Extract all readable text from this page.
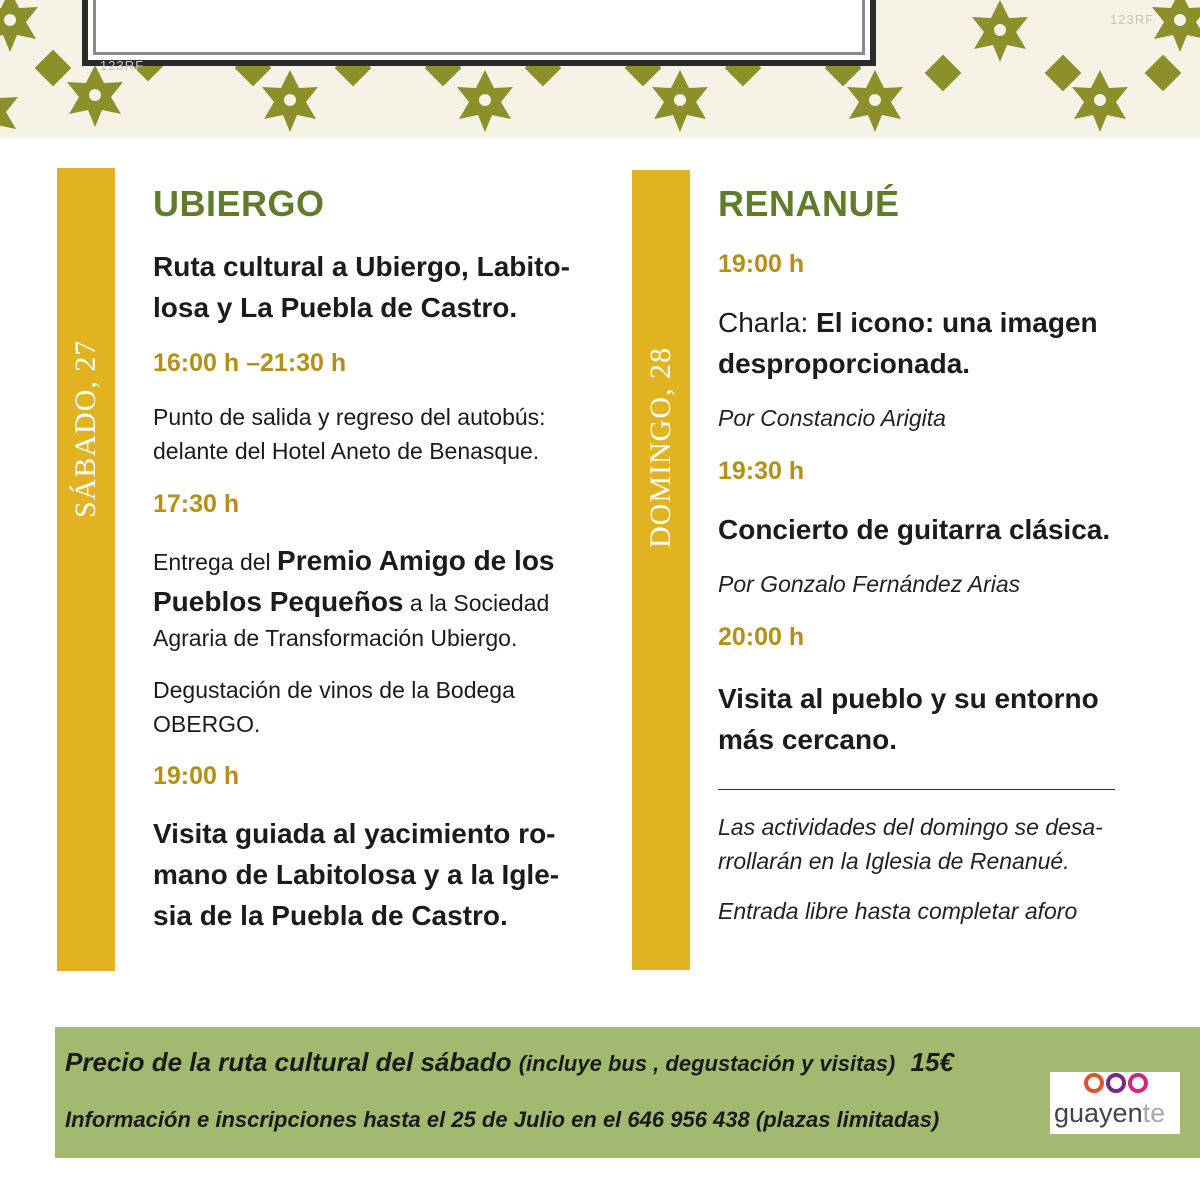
123RF
123RF
SÁBADO, 27
UBIERGO
Ruta cultural a Ubiergo, Labito-
losa y La Puebla de Castro.
16:00 h –21:30 h
Punto de salida y regreso del autobús:
delante del Hotel Aneto de Benasque.
17:30 h
Entrega del Premio Amigo de los
Pueblos Pequeños a la Sociedad
Agraria de Transformación Ubiergo.
Degustación de vinos de la Bodega
OBERGO.
19:00 h
Visita guiada al yacimiento ro-
mano de Labitolosa y a la Igle-
sia de la Puebla de Castro.
DOMINGO, 28
RENANUÉ
19:00 h
Charla: El icono: una imagen
desproporcionada.
Por Constancio Arigita
19:30 h
Concierto de guitarra clásica.
Por Gonzalo Fernández Arias
20:00 h
Visita al pueblo y su entorno
más cercano.
Las actividades del domingo se desa-
rrollarán en la Iglesia de Renanué.
Entrada libre hasta completar aforo
Precio de la ruta cultural del sábado (incluye bus , degustación y visitas) 15€
Información e inscripciones hasta el 25 de Julio en el 646 956 438 (plazas limitadas)	guayente
